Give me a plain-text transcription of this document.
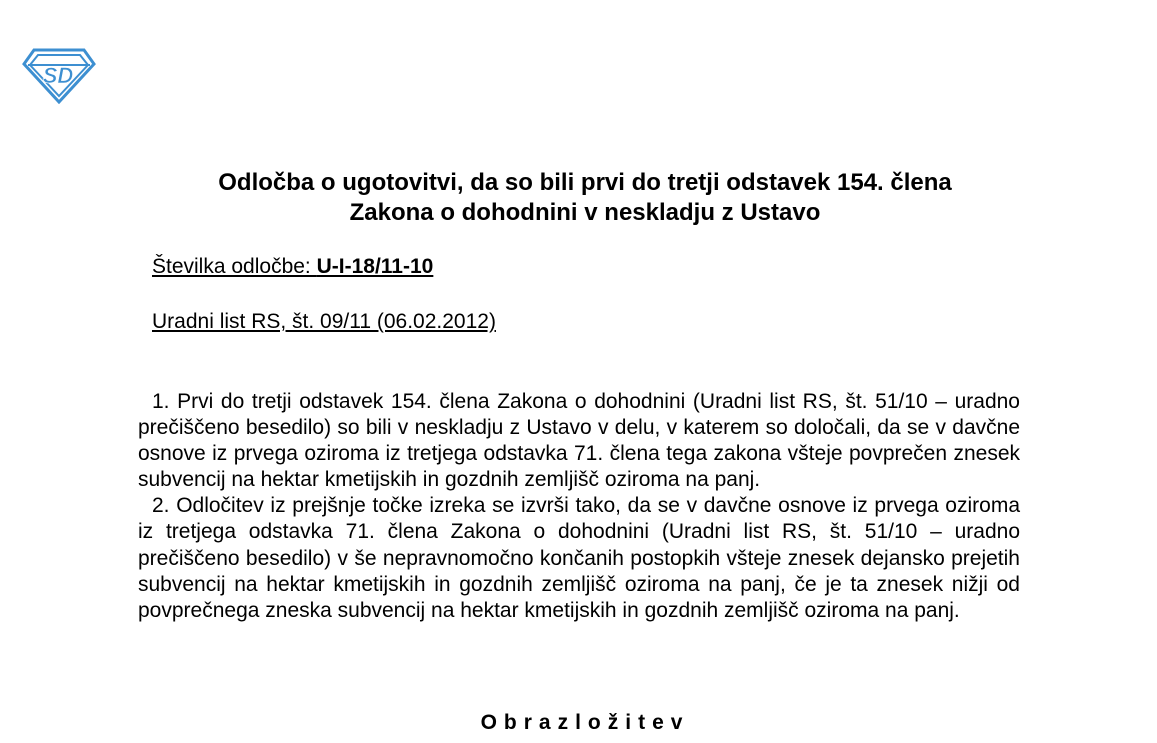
SD
Odločba o ugotovitvi, da so bili prvi do tretji odstavek 154. člena
Zakona o dohodnini v neskladju z Ustavo
Številka odločbe: U-I-18/11-10
Uradni list RS, št. 09/11 (06.02.2012)

1. Prvi do tretji odstavek 154. člena Zakona o dohodnini (Uradni list RS, št. 51/10 – uradno prečiščeno besedilo) so bili v neskladju z Ustavo v delu, v katerem so določali, da se v davčne osnove iz prvega oziroma iz tretjega odstavka 71. člena tega zakona všteje povprečen znesek subvencij na hektar kmetijskih in gozdnih zemljišč oziroma na panj.

2. Odločitev iz prejšnje točke izreka se izvrši tako, da se v davčne osnove iz prvega oziroma iz tretjega odstavka 71. člena Zakona o dohodnini (Uradni list RS, št. 51/10 – uradno prečiščeno besedilo) v še nepravnomočno končanih postopkih všteje znesek dejansko prejetih subvencij na hektar kmetijskih in gozdnih zemljišč oziroma na panj, če je ta znesek nižji od povprečnega zneska subvencij na hektar kmetijskih in gozdnih zemljišč oziroma na panj.

Obrazložitev
